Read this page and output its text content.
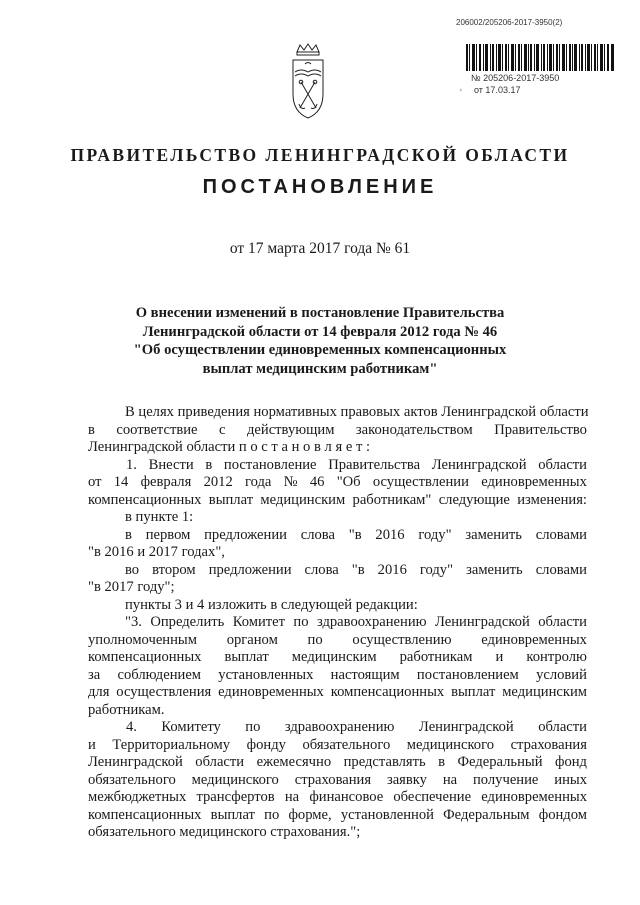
206002/205206-2017-3950(2)
№ 205206-2017-3950
' от 17.03.17
ПРАВИТЕЛЬСТВО ЛЕНИНГРАДСКОЙ ОБЛАСТИ
ПОСТАНОВЛЕНИЕ
от 17 марта 2017 года № 61
О внесении изменений в постановление Правительства
Ленинградской области от 14 февраля 2012 года № 46
"Об осуществлении единовременных компенсационных
выплат медицинским работникам"
В целях приведения нормативных правовых актов Ленинградской области
в соответствие с действующим законодательством Правительство
Ленинградской области п о с т а н о в л я е т :
1. Внести в постановление Правительства Ленинградской области
от 14 февраля 2012 года № 46 "Об осуществлении единовременных
компенсационных выплат медицинским работникам" следующие изменения:
в пункте 1:
в первом предложении слова "в 2016 году" заменить словами
"в 2016 и 2017 годах",
во втором предложении слова "в 2016 году" заменить словами
"в 2017 году";
пункты 3 и 4 изложить в следующей редакции:
"3. Определить Комитет по здравоохранению Ленинградской области
уполномоченным органом по осуществлению единовременных
компенсационных выплат медицинским работникам и контролю
за соблюдением установленных настоящим постановлением условий
для осуществления единовременных компенсационных выплат медицинским
работникам.
4. Комитету по здравоохранению Ленинградской области
и Территориальному фонду обязательного медицинского страхования
Ленинградской области ежемесячно представлять в Федеральный фонд
обязательного медицинского страхования заявку на получение иных
межбюджетных трансфертов на финансовое обеспечение единовременных
компенсационных выплат по форме, установленной Федеральным фондом
обязательного медицинского страхования.";
